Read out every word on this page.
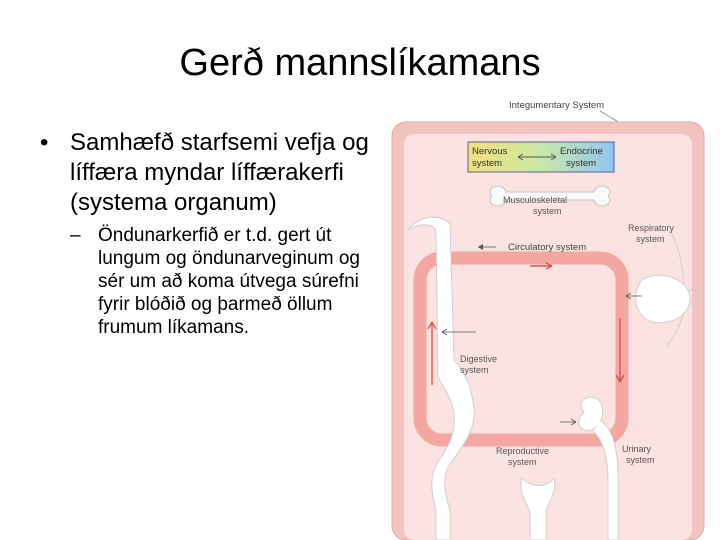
Gerð mannslíkamans
• Samhæfð starfsemi vefja og líffæra myndar líffærakerfi (systema organum)
– Öndunarkerfið er t.d. gert út lungum og öndunarveginum og sér um að koma útvega súrefni fyrir blóðið og þarmeð öllum frumum líkamans.
Integumentary System
Nervous
system
Endocrine
system
Musculoskeletal
system
Circulatory system
Digestive
system
Respiratory
system
Urinary
system
Reproductive
system
